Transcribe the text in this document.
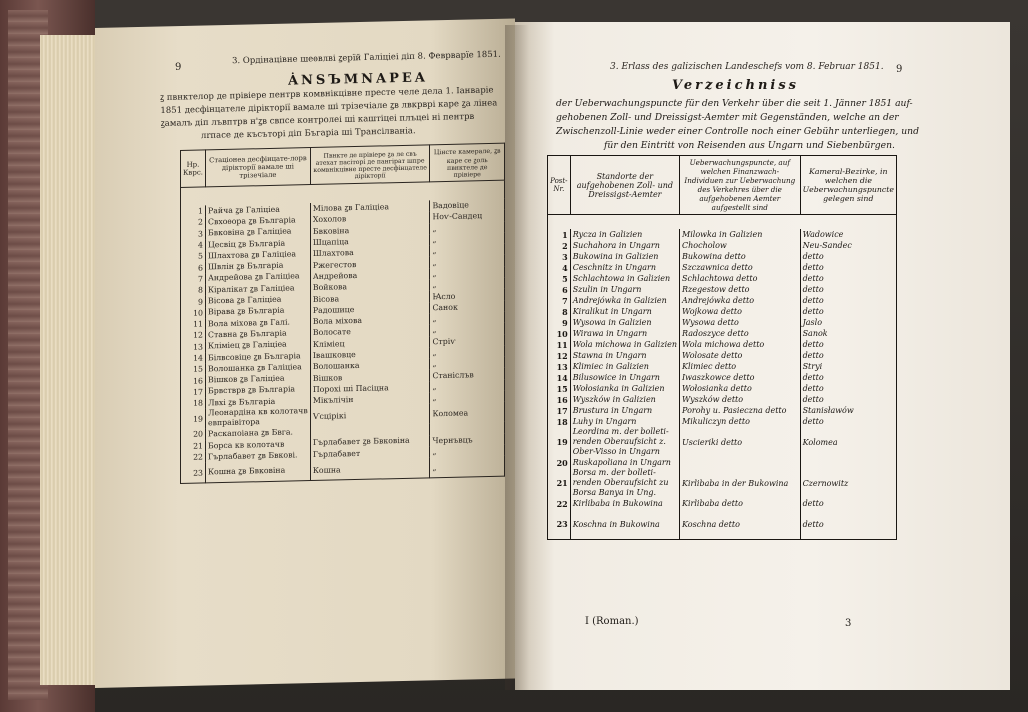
9
3. Ордiнацiвне шеѳвлвi ꙁерїй Галiцiеi дiп 8. Феврварïе 1851.
ȦNSЪMNAPEA
ꙁ пвнктелор де прiвiере пентрв комвнiкцiвне прeсте челе дела 1. Iанварiе
1851 десфiнцателе дiрiкторiї вамале шi трiзечiале ꙁв лвкрврi каре ꙁа лiнеа
ꙁамалъ дiп лъвптрв н'ꙁв свпсе контролеi шi каштiцеi плъцеi нi пентрв
лrпасе де късъторi дiп Бъгарiа шi Трансiлванiа.
Нр. Кврс.	Стаціонеа десфiнцате-лорв дiрiкторiї вамале шi трiзечiале	Пвнкте де прiвiере ꙁа ле свъ атехат пасiторi де пангiрат шпре комвнiкцiвне прeсте десфiнцателе дiрiкторiї	Цiнсте камерале, ꙁв каре се ꙁоль пвнктеле де прiвiере

1	Райча ꙁв Галiцiеа	Мiлова ꙁв Галiцiеа	Вадовiце
2	Свхоѳора ꙁв Българiа	Хохолов	Ноѵ-Сандец
3	Бвковiна ꙁв Галiцiеа	Бвковiна	„
4	Цесвiц ꙁв Българiа	Шцапiца	„
5	Шлахтова ꙁв Галiцiеа	Шлахтова	„
6	Швлiн ꙁв Българiа	Ржегестов	„
7	Андрейова ꙁв Галiцiеа	Андрейова	„
8	Кiралiкат ꙁв Галiцiеа	Войкова	„
9	Вiсова ꙁв Галiцiеа	Вiсова	Ꙗсло
10	Вiрава ꙁв Българiа	Радошице	Санок
11	Вола мiхова ꙁв Галi.	Вола мiхова	„
12	Ставна ꙁв Българiа	Волосате	„
13	Клiмiец ꙁв Галiцiеа	Клiмiец	Стрiѵ
14	Бiлвсовiце ꙁв Българiа	Iвашковце	„
15	Волошанка ꙁв Галiцiеа	Волошанка	„
16	Вiшков ꙁв Галiцiеа	Вiшков	Станiслъв
17	Брвстврв ꙁв Българiа	Пороxi шi Пасiцна	„
18	Лвхi ꙁв Българiа	Мiкълiчiн	„
19	Леонардiна кв колотачв евпраiвiтора	Ѵсцiрiкi	Коломеа
20	Раскапоiана ꙁв Бвга.		
21	Борса кв колотачв	Гърлабавет ꙁв Бвковiна	Чернъвцъ
22	Гърлабавет ꙁв Бвковi.	Гърлабавет	„
23	Кошна ꙁв Бвковiна	Кошна	„
3. Erlass des galizischen Landeschefs vom 8. Februar 1851. 9
Verzeichniss
der Ueberwachungspuncte für den Verkehr über die seit 1. Jänner 1851 auf-
gehobenen Zoll- und Dreissigst-Aemter mit Gegenständen, welche an der
Zwischenzoll-Linie weder einer Controlle noch einer Gebühr unterliegen, und
für den Eintritt von Reisenden aus Ungarn und Siebenbürgen.
Post-Nr.	Standorte der aufgehobenen Zoll- und Dreissigst-Aemter	Ueberwachungspuncte, auf welchen Finanzwach-Individuen zur Ueberwachung des Verkehres über die aufgehobenen Aemter aufgestellt sind	Kameral-Bezirke, in welchen die Ueberwachungspuncte gelegen sind

1	Rycza in Galizien	Milowka in Galizien	Wadowice
2	Suchahora in Ungarn	Chocholow	Neu-Sandec
3	Bukowina in Galizien	Bukowina detto	detto
4	Ceschnitz in Ungarn	Szczawnica detto	detto
5	Schlachtowa in Galizien	Schlachtowa detto	detto
6	Szulin in Ungarn	Rzegestow detto	detto
7	Andrejówka in Galizien	Andrejówka detto	detto
8	Kiralikut in Ungarn	Wojkowa detto	detto
9	Wysowa in Galizien	Wysowa detto	Jaslo
10	Wirawa in Ungarn	Radoszyce detto	Sanok
11	Wola michowa in Galizien	Wola michowa detto	detto
12	Stawna in Ungarn	Wolosate detto	detto
13	Klimiec in Galizien	Klimiec detto	Stryi
14	Bilusowice in Ungarn	Iwaszkowce detto	detto
15	Wołosianka in Galizien	Wołosianka detto	detto
16	Wyszków in Galizien	Wyszków detto	detto
17	Brustura in Ungarn	Porohy u. Pasieczna detto	Stanisławów
18	Luhy in Ungarn	Mikuliczyn detto	detto
19	Leordina m. der bolleti-renden Oberaufsicht z. Ober-Visso in Ungarn	Uscieriki detto	Kolomea
20	Ruskapoliana in Ungarn		
21	Borsa m. der bolleti-renden Oberaufsicht zu Borsa Banya in Ung.	Kirlibaba in der Bukowina	Czernowitz
22	Kirlibaba in Bukowina	Kirlibaba detto	detto
23	Koschna in Bukowina	Koschna detto	detto
I (Roman.)	3
